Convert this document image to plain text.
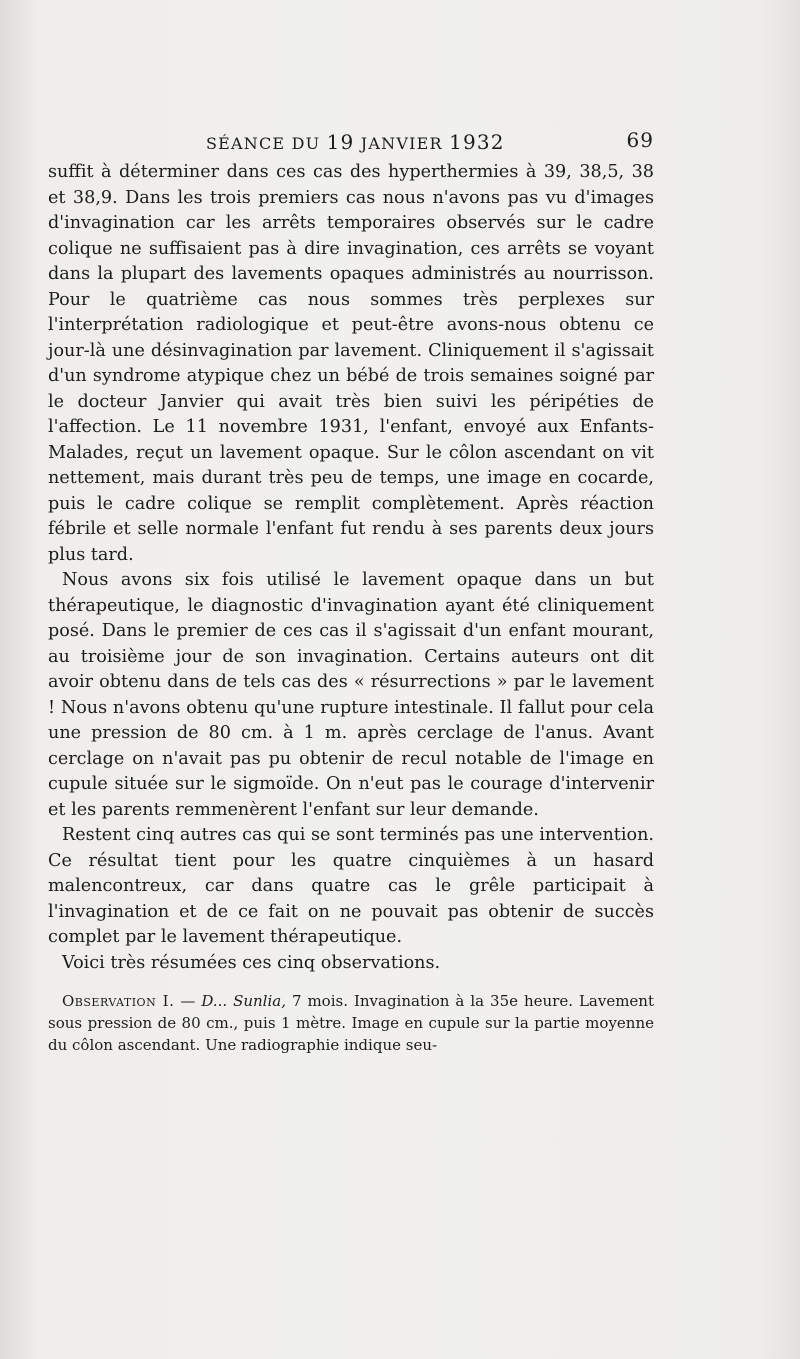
SÉANCE DU 19 JANVIER 1932	69

suffit à déterminer dans ces cas des hyperthermies à 39, 38,5, 38 et 38,9. Dans les trois premiers cas nous n'avons pas vu d'images d'invagination car les arrêts temporaires observés sur le cadre colique ne suffisaient pas à dire invagination, ces arrêts se voyant dans la plupart des lavements opaques administrés au nourrisson. Pour le quatrième cas nous sommes très perplexes sur l'interprétation radiologique et peut-être avons-nous obtenu ce jour-là une désinvagination par lavement. Cliniquement il s'agissait d'un syndrome atypique chez un bébé de trois semaines soigné par le docteur Janvier qui avait très bien suivi les péripéties de l'affection. Le 11 novembre 1931, l'enfant, envoyé aux Enfants-Malades, reçut un lavement opaque. Sur le côlon ascendant on vit nettement, mais durant très peu de temps, une image en cocarde, puis le cadre colique se remplit complètement. Après réaction fébrile et selle normale l'enfant fut rendu à ses parents deux jours plus tard.

Nous avons six fois utilisé le lavement opaque dans un but thérapeutique, le diagnostic d'invagination ayant été cliniquement posé. Dans le premier de ces cas il s'agissait d'un enfant mourant, au troisième jour de son invagination. Certains auteurs ont dit avoir obtenu dans de tels cas des « résurrections » par le lavement ! Nous n'avons obtenu qu'une rupture intestinale. Il fallut pour cela une pression de 80 cm. à 1 m. après cerclage de l'anus. Avant cerclage on n'avait pas pu obtenir de recul notable de l'image en cupule située sur le sigmoïde. On n'eut pas le courage d'intervenir et les parents remmenèrent l'enfant sur leur demande.

Restent cinq autres cas qui se sont terminés pas une intervention. Ce résultat tient pour les quatre cinquièmes à un hasard malencontreux, car dans quatre cas le grêle participait à l'invagination et de ce fait on ne pouvait pas obtenir de succès complet par le lavement thérapeutique.

Voici très résumées ces cinq observations.

Observation I. — D... Sunlia, 7 mois. Invagination à la 35e heure. Lavement sous pression de 80 cm., puis 1 mètre. Image en cupule sur la partie moyenne du côlon ascendant. Une radiographie indique seu-
